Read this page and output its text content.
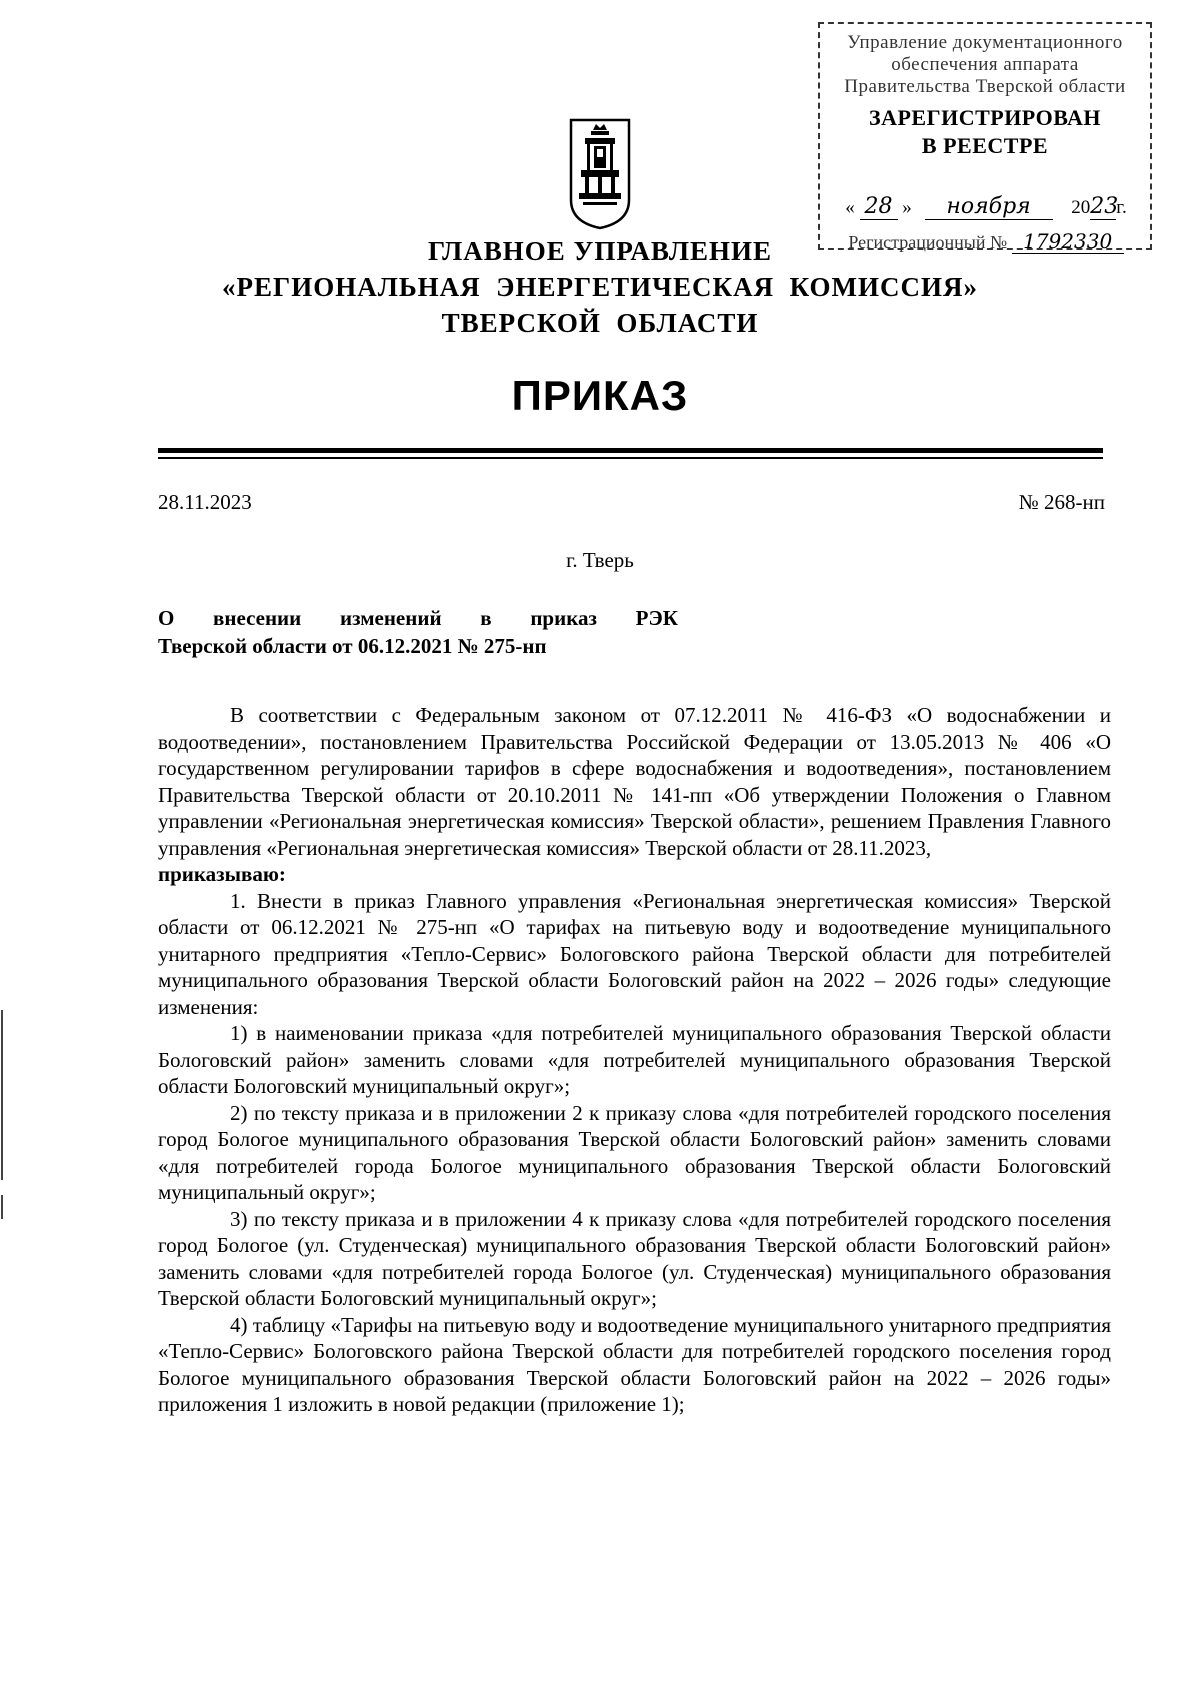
Управление документационного
обеспечения аппарата
Правительства Тверской области
ЗАРЕГИСТРИРОВАН
В РЕЕСТРЕ
« 28 » ноября 2023г.
Регистрационный № 1792330
ГЛАВНОЕ УПРАВЛЕНИЕ
«РЕГИОНАЛЬНАЯ  ЭНЕРГЕТИЧЕСКАЯ  КОМИССИЯ»
ТВЕРСКОЙ  ОБЛАСТИ
ПРИКАЗ
28.11.2023	№ 268-нп
г. Тверь
О внесении изменений в приказ РЭК
Тверской области от 06.12.2021 № 275-нп

В соответствии с Федеральным законом от 07.12.2011 № 416-ФЗ «О водоснабжении и водоотведении», постановлением Правительства Российской Федерации от 13.05.2013 № 406 «О государственном регулировании тарифов в сфере водоснабжения и водоотведения», постановлением Правительства Тверской области от 20.10.2011 № 141-пп «Об утверждении Положения о Главном управлении «Региональная энергетическая комиссия» Тверской области», решением Правления Главного управления «Региональная энергетическая комиссия» Тверской области от 28.11.2023,

приказываю:

1. Внести в приказ Главного управления «Региональная энергетическая комиссия» Тверской области от 06.12.2021 № 275-нп «О тарифах на питьевую воду и водоотведение муниципального унитарного предприятия «Тепло-Сервис» Бологовского района Тверской области для потребителей муниципального образования Тверской области Бологовский район на 2022 – 2026 годы» следующие изменения:

1) в наименовании приказа «для потребителей муниципального образования Тверской области Бологовский район» заменить словами «для потребителей муниципального образования Тверской области Бологовский муниципальный округ»;

2) по тексту приказа и в приложении 2 к приказу слова «для потребителей городского поселения город Бологое муниципального образования Тверской области Бологовский район» заменить словами «для потребителей города Бологое муниципального образования Тверской области Бологовский муниципальный округ»;

3) по тексту приказа и в приложении 4 к приказу слова «для потребителей городского поселения город Бологое (ул. Студенческая) муниципального образования Тверской области Бологовский район» заменить словами «для потребителей города Бологое (ул. Студенческая) муниципального образования Тверской области Бологовский муниципальный округ»;

4) таблицу «Тарифы на питьевую воду и водоотведение муниципального унитарного предприятия «Тепло-Сервис» Бологовского района Тверской области для потребителей городского поселения город Бологое муниципального образования Тверской области Бологовский район на 2022 – 2026 годы» приложения 1 изложить в новой редакции (приложение 1);
